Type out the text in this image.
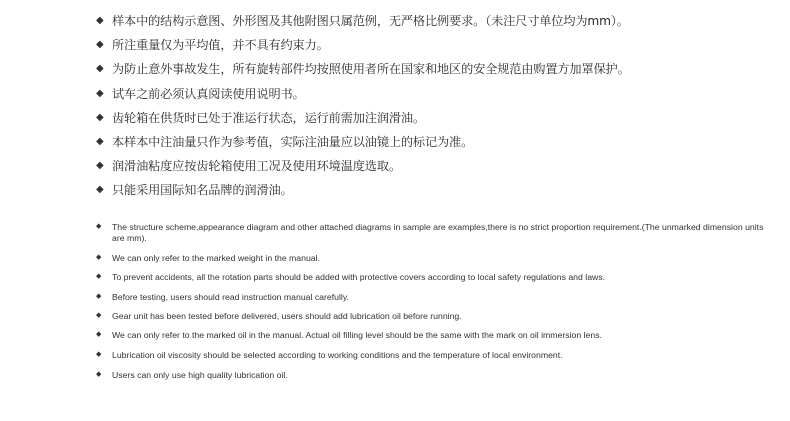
◆ 样本中的结构示意图、外形图及其他附图只属范例，无严格比例要求。（未注尺寸单位均为mm）。
◆ 所注重量仅为平均值，并不具有约束力。
◆ 为防止意外事故发生，所有旋转部件均按照使用者所在国家和地区的安全规范由购置方加罩保护。
◆ 试车之前必须认真阅读使用说明书。
◆ 齿轮箱在供货时已处于准运行状态，运行前需加注润滑油。
◆ 本样本中注油量只作为参考值，实际注油量应以油镜上的标记为准。
◆ 润滑油粘度应按齿轮箱使用工况及使用环境温度选取。
◆ 只能采用国际知名品牌的润滑油。
◆	The structure scheme,appearance diagram and other attached diagrams in sample are examples,there is no strict proportion requirement.(The unmarked dimension units are mm).
◆	We can only refer to the marked weight in the manual.
◆	To prevent accidents, all the rotation parts should be added with protective covers according to local safety regulations and laws.
◆	Before testing, users should read instruction manual carefully.
◆	Gear unit has been tested before delivered, users should add lubrication oil before running.
◆	We can only refer to the marked oil in the manual. Actual oil filling level should be the same with the mark on oil immersion lens.
◆	Lubrication oil viscosity should be selected according to working conditions and the temperature of local environment.
◆	Users can only use high quality lubrication oil.
